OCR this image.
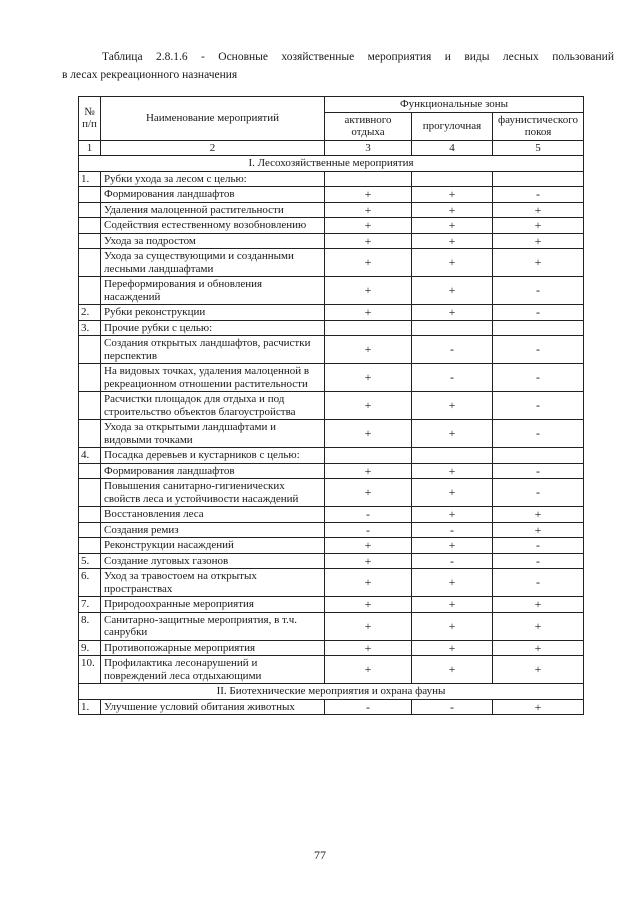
Таблица 2.8.1.6 - Основные хозяйственные мероприятия и виды лесных пользований
в лесах рекреационного назначения
№ п/п	Наименование мероприятий	Функциональные зоны		
		активного отдыха	прогулочная	фаунистического покоя
1	2	3	4	5
I. Лесохозяйственные мероприятия				
1.	Рубки ухода за лесом с целью:			
	Формирования ландшафтов	+	+	-
	Удаления малоценной растительности	+	+	+
	Содействия естественному возобновлению	+	+	+
	Ухода за подростом	+	+	+
	Ухода за существующими и созданными лесными ландшафтами	+	+	+
	Переформирования и обновления насаждений	+	+	-
2.	Рубки реконструкции	+	+	-
3.	Прочие рубки с целью:			
	Создания открытых ландшафтов, расчистки перспектив	+	-	-
	На видовых точках, удаления малоценной в рекреационном отношении растительности	+	-	-
	Расчистки площадок для отдыха и под строительство объектов благоустройства	+	+	-
	Ухода за открытыми ландшафтами и видовыми точками	+	+	-
4.	Посадка деревьев и кустарников с целью:			
	Формирования ландшафтов	+	+	-
	Повышения санитарно-гигиенических свойств леса и устойчивости насаждений	+	+	-
	Восстановления леса	-	+	+
	Создания ремиз	-	-	+
	Реконструкции насаждений	+	+	-
5.	Создание луговых газонов	+	-	-
6.	Уход за травостоем на открытых пространствах	+	+	-
7.	Природоохранные мероприятия	+	+	+
8.	Санитарно-защитные мероприятия, в т.ч. санрубки	+	+	+
9.	Противопожарные мероприятия	+	+	+
10.	Профилактика лесонарушений и повреждений леса отдыхающими	+	+	+
II. Биотехнические мероприятия и охрана фауны				
1.	Улучшение условий обитания животных	-	-	+
77
